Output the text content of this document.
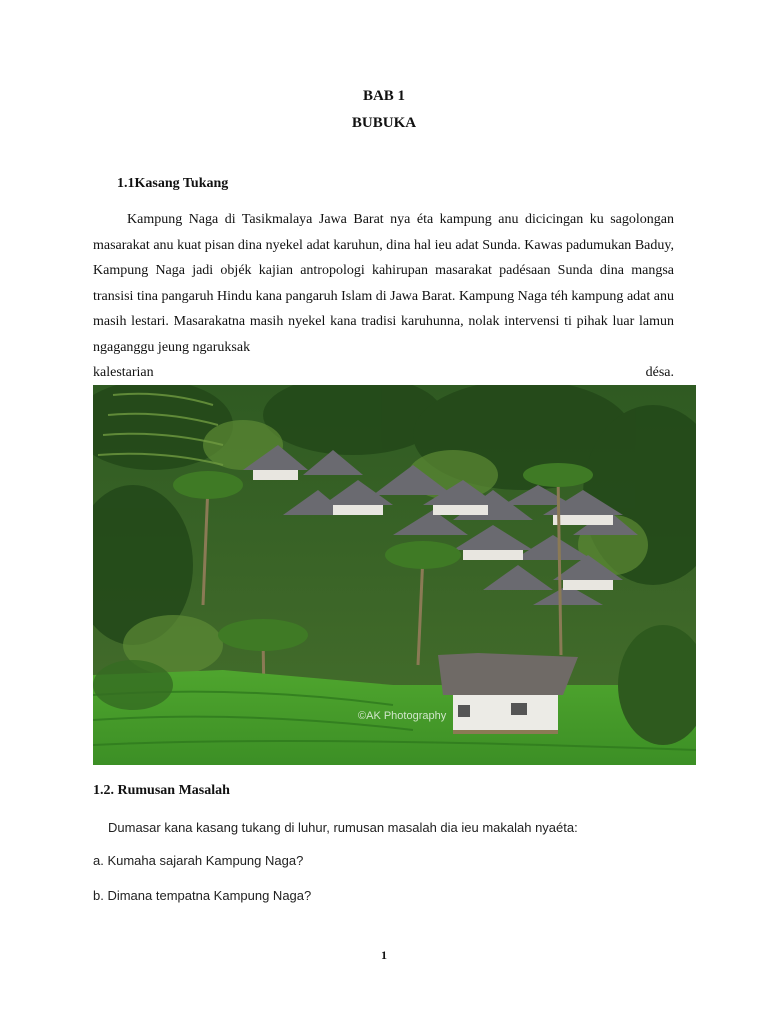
BAB 1
BUBUKA
1.1Kasang Tukang
Kampung Naga di Tasikmalaya Jawa Barat nya éta kampung anu dicicingan ku sagolongan masarakat anu kuat pisan dina nyekel adat karuhun, dina hal ieu adat Sunda. Kawas padumukan Baduy, Kampung Naga jadi objék kajian antropologi kahirupan masarakat padésaan Sunda dina mangsa transisi tina pangaruh Hindu kana pangaruh Islam di Jawa Barat. Kampung Naga téh kampung adat anu masih lestari. Masarakatna masih nyekel kana tradisi karuhunna, nolak intervensi ti pihak luar lamun ngaganggu jeung ngaruksak
kalestarian	désa.
©AK Photography
1.2. Rumusan Masalah
Dumasar kana kasang tukang di luhur, rumusan masalah dia ieu makalah nyaéta:
a. Kumaha sajarah Kampung Naga?
b. Dimana tempatna Kampung Naga?
1
